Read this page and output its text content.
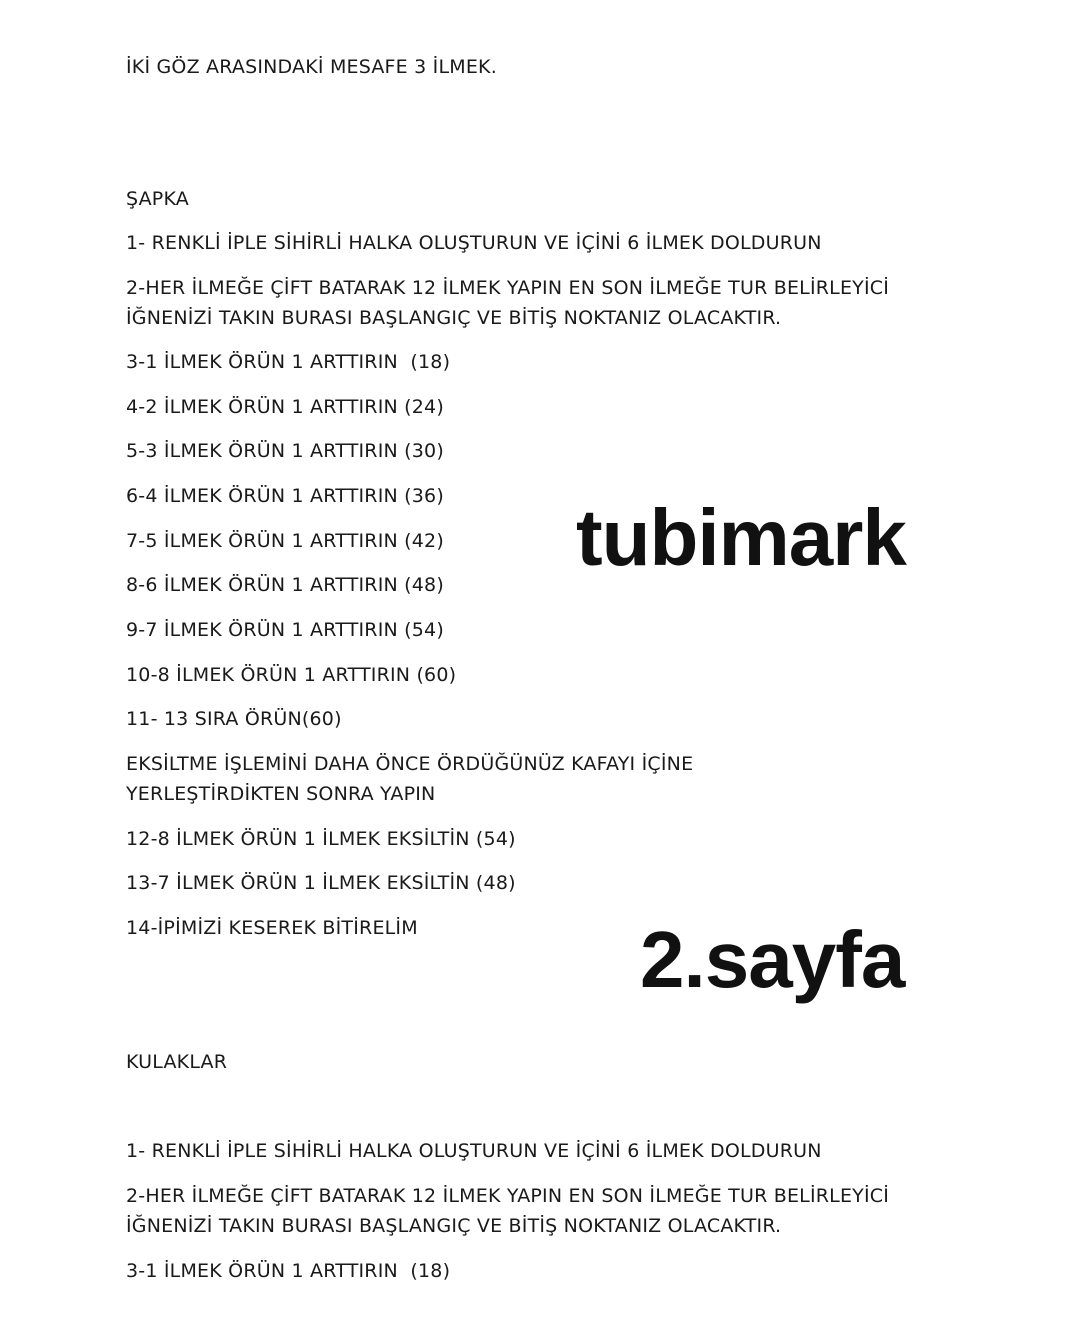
İKİ GÖZ ARASINDAKİ MESAFE 3 İLMEK.

ŞAPKA

1- RENKLİ İPLE SİHİRLİ HALKA OLUŞTURUN VE İÇİNİ 6 İLMEK DOLDURUN

2-HER İLMEĞE ÇİFT BATARAK 12 İLMEK YAPIN EN SON İLMEĞE TUR BELİRLEYİCİ

İĞNENİZİ TAKIN BURASI BAŞLANGIÇ VE BİTİŞ NOKTANIZ OLACAKTIR.

3-1 İLMEK ÖRÜN 1 ARTTIRIN  (18)

4-2 İLMEK ÖRÜN 1 ARTTIRIN (24)

5-3 İLMEK ÖRÜN 1 ARTTIRIN (30)

6-4 İLMEK ÖRÜN 1 ARTTIRIN (36)

7-5 İLMEK ÖRÜN 1 ARTTIRIN (42)

8-6 İLMEK ÖRÜN 1 ARTTIRIN (48)

9-7 İLMEK ÖRÜN 1 ARTTIRIN (54)

10-8 İLMEK ÖRÜN 1 ARTTIRIN (60)

11- 13 SIRA ÖRÜN(60)

EKSİLTME İŞLEMİNİ DAHA ÖNCE ÖRDÜĞÜNÜZ KAFAYI İÇİNE

YERLEŞTİRDİKTEN SONRA YAPIN

12-8 İLMEK ÖRÜN 1 İLMEK EKSİLTİN (54)

13-7 İLMEK ÖRÜN 1 İLMEK EKSİLTİN (48)

14-İPİMİZİ KESEREK BİTİRELİM

KULAKLAR

1- RENKLİ İPLE SİHİRLİ HALKA OLUŞTURUN VE İÇİNİ 6 İLMEK DOLDURUN

2-HER İLMEĞE ÇİFT BATARAK 12 İLMEK YAPIN EN SON İLMEĞE TUR BELİRLEYİCİ

İĞNENİZİ TAKIN BURASI BAŞLANGIÇ VE BİTİŞ NOKTANIZ OLACAKTIR.

3-1 İLMEK ÖRÜN 1 ARTTIRIN  (18)

tubimark
2.sayfa
